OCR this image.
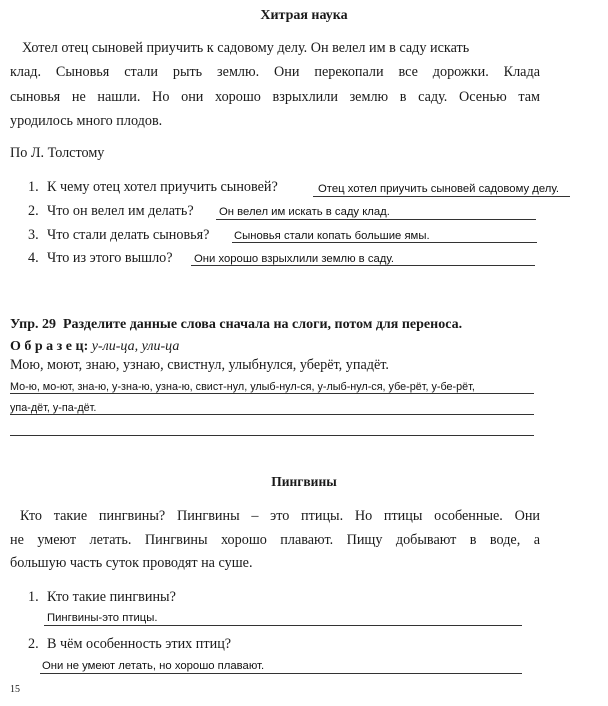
Хитрая наука
Хотел отец сыновей приучить к садовому делу. Он велел им в саду искать
клад. Сыновья стали рыть землю. Они перекопали все дорожки. Клада
сыновья не нашли. Но они хорошо взрыхлили землю в саду. Осенью там
уродилось много плодов.
По Л. Толстому
1. К чему отец хотел приучить сыновей?	Отец хотел приучить сыновей садовому делу.
2. Что он велел им делать? Он велел им искать в саду клад.
3. Что стали делать сыновья? Сыновья стали копать большие ямы.
4. Что из этого вышло? Они хорошо взрыхлили землю в саду.
Упр. 29 Разделите данные слова сначала на слоги, потом для переноса.
О б р а з е ц: у-ли-ца, ули-ца
Мою, моют, знаю, узнаю, свистнул, улыбнулся, уберёт, упадёт.
Мо-ю, мо-ют, зна-ю, у-зна-ю, узна-ю, свист-нул, улыб-нул-ся, у-лыб-нул-ся, убе-рёт, у-бе-рёт,
упа-дёт, у-па-дёт.
Пингвины
Кто такие пингвины? Пингвины – это птицы. Но птицы особенные. Они
не умеют летать. Пингвины хорошо плавают. Пищу добывают в воде, а
большую часть суток проводят на суше.
1. Кто такие пингвины?
Пингвины-это птицы.
2. В чём особенность этих птиц?
Они не умеют летать, но хорошо плавают.
15
